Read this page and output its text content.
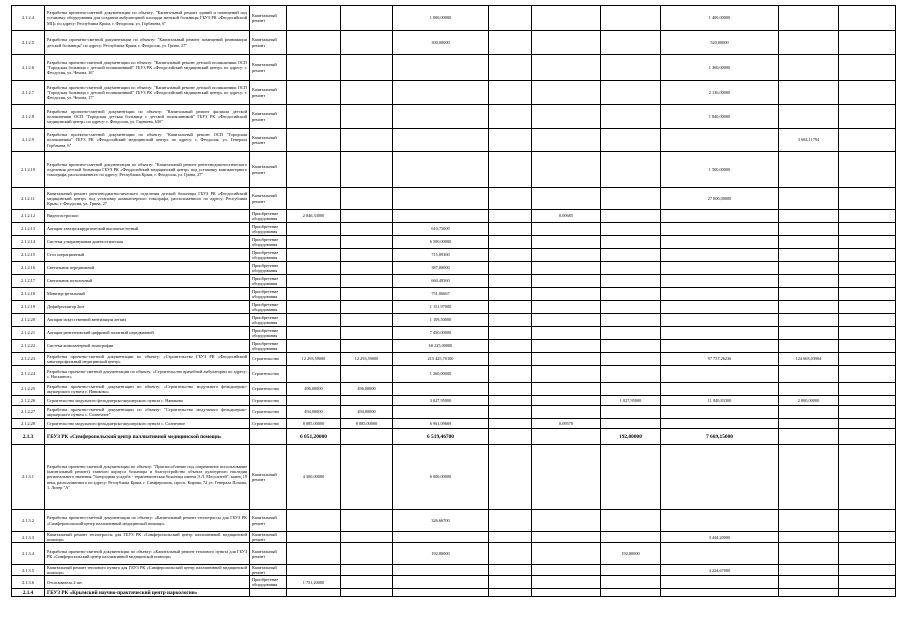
2.1.2.4	Разработка проектно-сметной документации по объекту: "Капитальный ремонт зданий и помещений под установку оборудования для создания амбулаторной площади женской больницы ГБУЗ РК «Феодосийский МЦ» по адресу: Республика Крым, г. Феодосия, ул. Горбачева, 6"	Капитальный ремонт			1 000,00000				1 400,00000		
2.1.2.5	Разработка проектно-сметной документации по объекту: "Капитальный ремонт помещений реанимации детской больницы" по адресу: Республика Крым, г. Феодосия, ул. Грина, 27"	Капитальный ремонт			300,00000				520,00000		
2.1.2.6	Разработка проектно-сметной документации по объекту: "Капитальный ремонт детской поликлиники ОСП "Городская больница с детской поликлиникой" ГБУЗ РК «Феодосийский медицинский центр» по адресу: г. Феодосия, ул. Чехова, 16"	Капитальный ремонт							1 360,00000		
2.1.2.7	Разработка проектно-сметной документации по объекту: "Капитальный ремонт детской поликлиники ОСП "Городская больница с детской поликлиникой" ГБУЗ РК «Феодосийский медицинский центр» по адресу: г. Феодосия, ул. Чехова, 17"	Капитальный ремонт							2 136,00000		
2.1.2.8	Разработка проектно-сметной документации по объекту: "Капитальный ремонт филиала детской поликлиники ОСП "Городская детская больница с детской поликлиникой" ГБУЗ РК «Феодосийский медицинский центр» по адресу: г. Феодосия, ул. Гарнаева, 63б"	Капитальный ремонт							1 840,00000		
2.1.2.9	Разработка проектно-сметной документации по объекту: "Капитальный ремонт ОСП "Городская поликлиника" ГБУЗ РК «Феодосийский медицинский центр» по адресу: г. Феодосия, ул. Генерала Горбачева, 6"	Капитальный ремонт								3 684,11794	
2.1.2.10	Разработка проектно-сметной документации по объекту: "Капитальный ремонт рентгенодиагностического отделения детской больницы ГБУЗ РК «Феодосийский медицинский центр» под установку компьютерного томографа, расположенного по адресу: Республика Крым, г. Феодосия, ул. Грина, 27"	Капитальный ремонт							1 500,00000		
2.1.2.11	Капитальный ремонт рентгенодиагностического отделения детской больницы ГБУЗ РК «Феодосийский медицинский центр» под установку компьютерного томографа, расположенного по адресу: Республика Крым, г. Феодосия, ул. Грина, 27	Капитальный ремонт							27 000,00000		
2.1.2.12	Видеогастроскоп	Приобретение оборудования	2 846,33000				0,00685				
2.1.2.13	Аппарат электрохирургический высокочастотный	Приобретение оборудования			610,75000						
2.1.2.14	Система ультразвуковая диагностическая	Приобретение оборудования			6 500,00000						
2.1.2.15	Стол операционный	Приобретение оборудования			715,09360						
2.1.2.16	Светильник передвижной	Приобретение оборудования			387,00000						
2.1.2.17	Светильник потолочный	Приобретение оборудования			660,49560						
2.1.2.18	Монитор фетальный	Приобретение оборудования			751,06667						
2.1.2.19	Дефибриллятор 2шт	Приобретение оборудования			1 151,97000						
2.1.2.20	Аппарат искусственной вентиляции легких	Приобретение оборудования			1 109,50000						
2.1.2.21	Аппарат рентгеновский цифровой палатный передвижной	Приобретение оборудования			7 450,00000						
2.1.2.22	Система компьютерной томографии	Приобретение оборудования			60 225,00000						
2.1.2.23	Разработка проектно-сметной документации по объекту: «Строительство ГБУЗ РК «Феодосийский многопрофильный медицинский центр»	Строительство	12 293,59000	12 293,59000	215 425,70100				97 757,26236	124 663,03964	
2.1.2.24	Разработка проектно-сметной документации по объекту: «Строительство врачебной амбулатории по адресу: с. Насыпное»	Строительство			1 260,00000						
2.1.2.25	Разработка проектно-сметной документации по объекту: «Строительство модульного фельдшерско-акушерского пункта с. Наниково»	Строительство	496,00000	496,00000							
2.1.2.26	Строительство модульного фельдшерско-акушерского пункта с. Наниково	Строительство			3 027,95000			1 027,95000	11 840,83300	2 800,00000	
2.1.2.27	Разработка проектно-сметной документации по объекту: "Строительство модульного фельдшерско-акушерского пункта с. Солнечное"	Строительство	494,00000	494,00000							
2.1.2.28	Строительство модульного фельдшерско-акушерского пункта с. Солнечное	Строительство	8 085,00000	8 085,00000	6 961,09669		0,09578				
2.1.3	ГБУЗ РК «Симферопольский центр паллиативной медицинской помощи»		6 051,20000		6 519,46700			192,00000	7 669,15000		
2.1.3.1	Разработка проектно-сметной документации по объекту: "Приспособление под современное использование (капитальный ремонт) главного корпуса больницы и благоустройство объекта культурного наследия регионального значения "Загородная усадьба - терапевтическая больница имени Э.Л. Мосолитей", конец 19 века, расположенного по адресу: Республика Крым, г. Симферополь, просп. Кирова, 72 ул. Генерала Попова, 1, Литер "А"	Капитальный ремонт	4 300,00000		6 000,00000						
2.1.3.2	Разработка проектно-сметной документации по объекту: «Капитальный ремонт теплотрассы для ГБУЗ РК «Симферопольский центр паллиативной медицинской помощи»	Капитальный ремонт			326,66700						
2.1.3.3	Капитальный ремонт теплотрассы для ГБУЗ РК «Симферопольский центр паллиативной медицинской помощи»	Капитальный ремонт							3 444,20000		
2.1.3.4	Разработка проектно-сметной документации по объекту: «Капитальный ремонт теплового пункта для ГБУЗ РК «Симферопольский центр паллиативной медицинской помощи»	Капитальный ремонт			192,80000			192,00000			
2.1.3.5	Капитальный ремонт теплового пункта для ГБУЗ РК «Симферопольский центр паллиативной медицинской помощи»	Капитальный ремонт							4 224,67000		
2.1.3.6	Отсасыватель 2 шт.	Приобретение оборудования	1 751,20000								
2.1.4	ГБУЗ РК «Крымский научно-практический центр наркологии»										
